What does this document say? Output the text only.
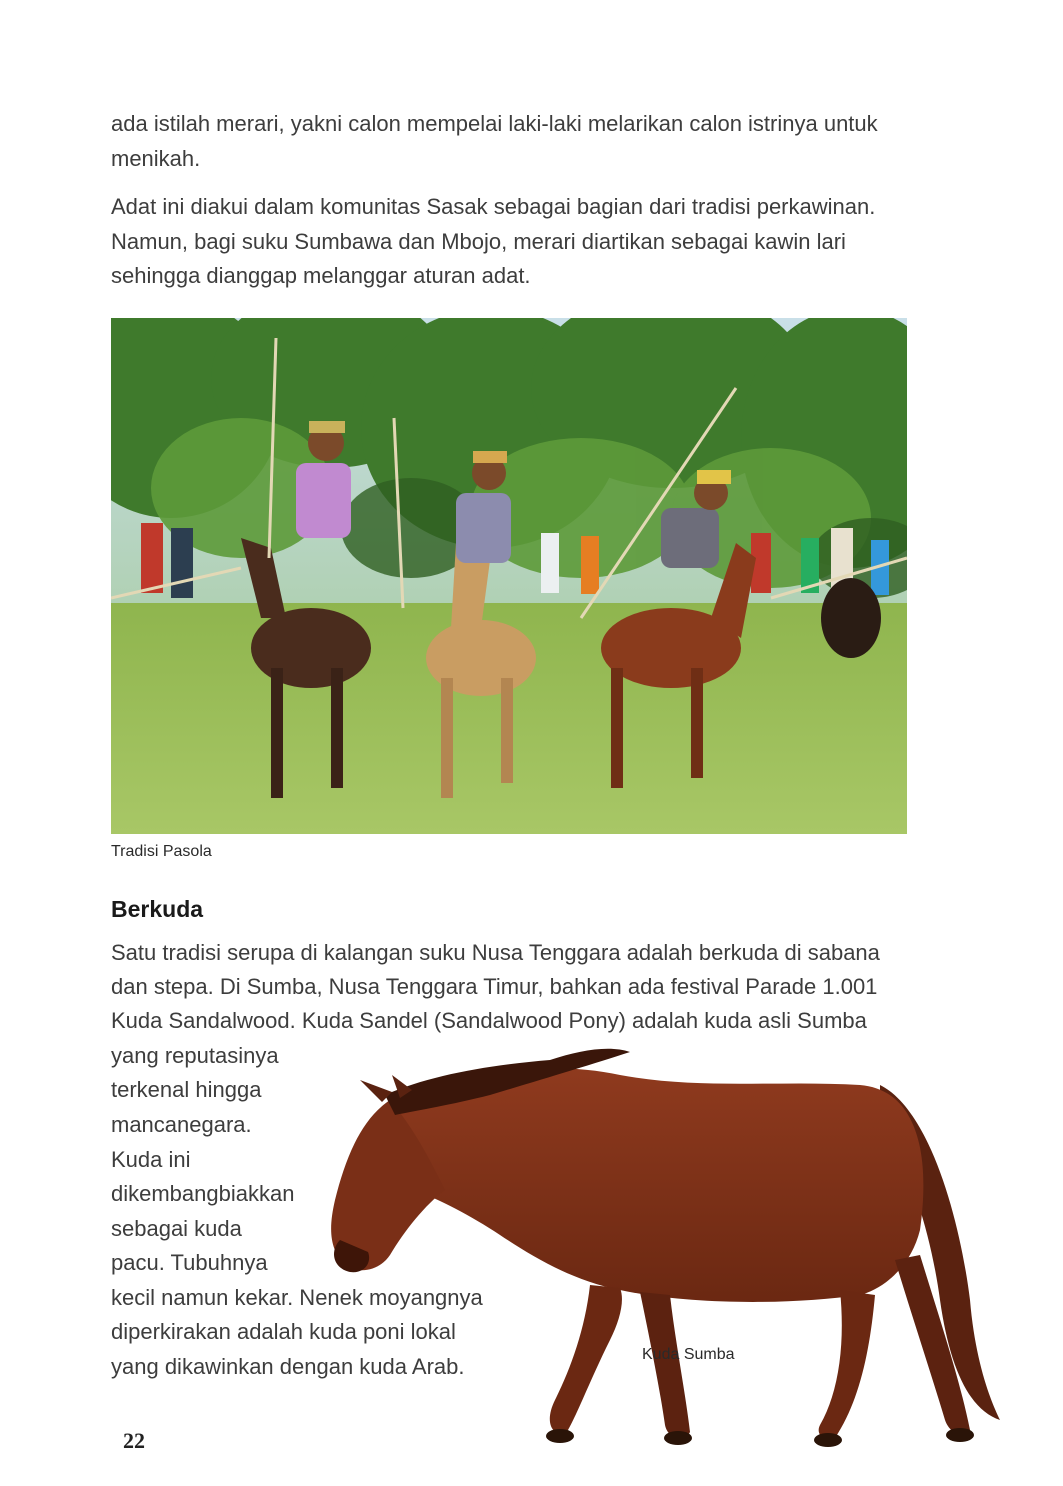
ada istilah merari, yakni calon mempelai laki-laki melarikan calon istrinya untuk menikah.

Adat ini diakui dalam komunitas Sasak sebagai bagian dari tradisi perkawinan. Namun, bagi suku Sumbawa dan Mbojo, merari diartikan sebagai kawin lari sehingga dianggap melanggar aturan adat.

Tradisi Pasola
Berkuda
Satu tradisi serupa di kalangan suku Nusa Tenggara adalah berkuda di sabana
dan stepa. Di Sumba, Nusa Tenggara Timur, bahkan ada festival Parade 1.001
Kuda Sandalwood. Kuda Sandel (Sandalwood Pony) adalah kuda asli Sumba
yang reputasinya
terkenal hingga
mancanegara.
Kuda ini
dikembangbiakkan
sebagai kuda
pacu. Tubuhnya
kecil namun kekar. Nenek moyangnya
diperkirakan adalah kuda poni lokal
yang dikawinkan dengan kuda Arab.	Kuda Sumba
22
